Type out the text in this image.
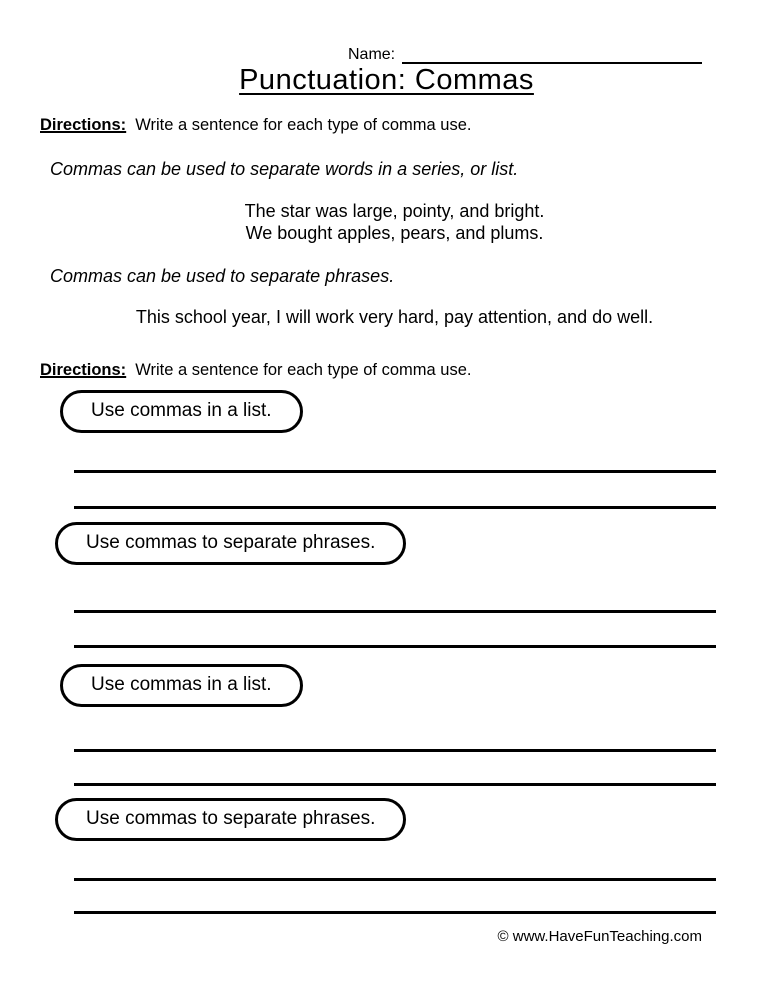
Name:
Punctuation: Commas

Directions: Write a sentence for each type of comma use.

Commas can be used to separate words in a series, or list.

The star was large, pointy, and bright.
We bought apples, pears, and plums.

Commas can be used to separate phrases.

This school year, I will work very hard, pay attention, and do well.

Directions: Write a sentence for each type of comma use.

Use commas in a list.
Use commas to separate phrases.
Use commas in a list.
Use commas to separate phrases.
© www.HaveFunTeaching.com
